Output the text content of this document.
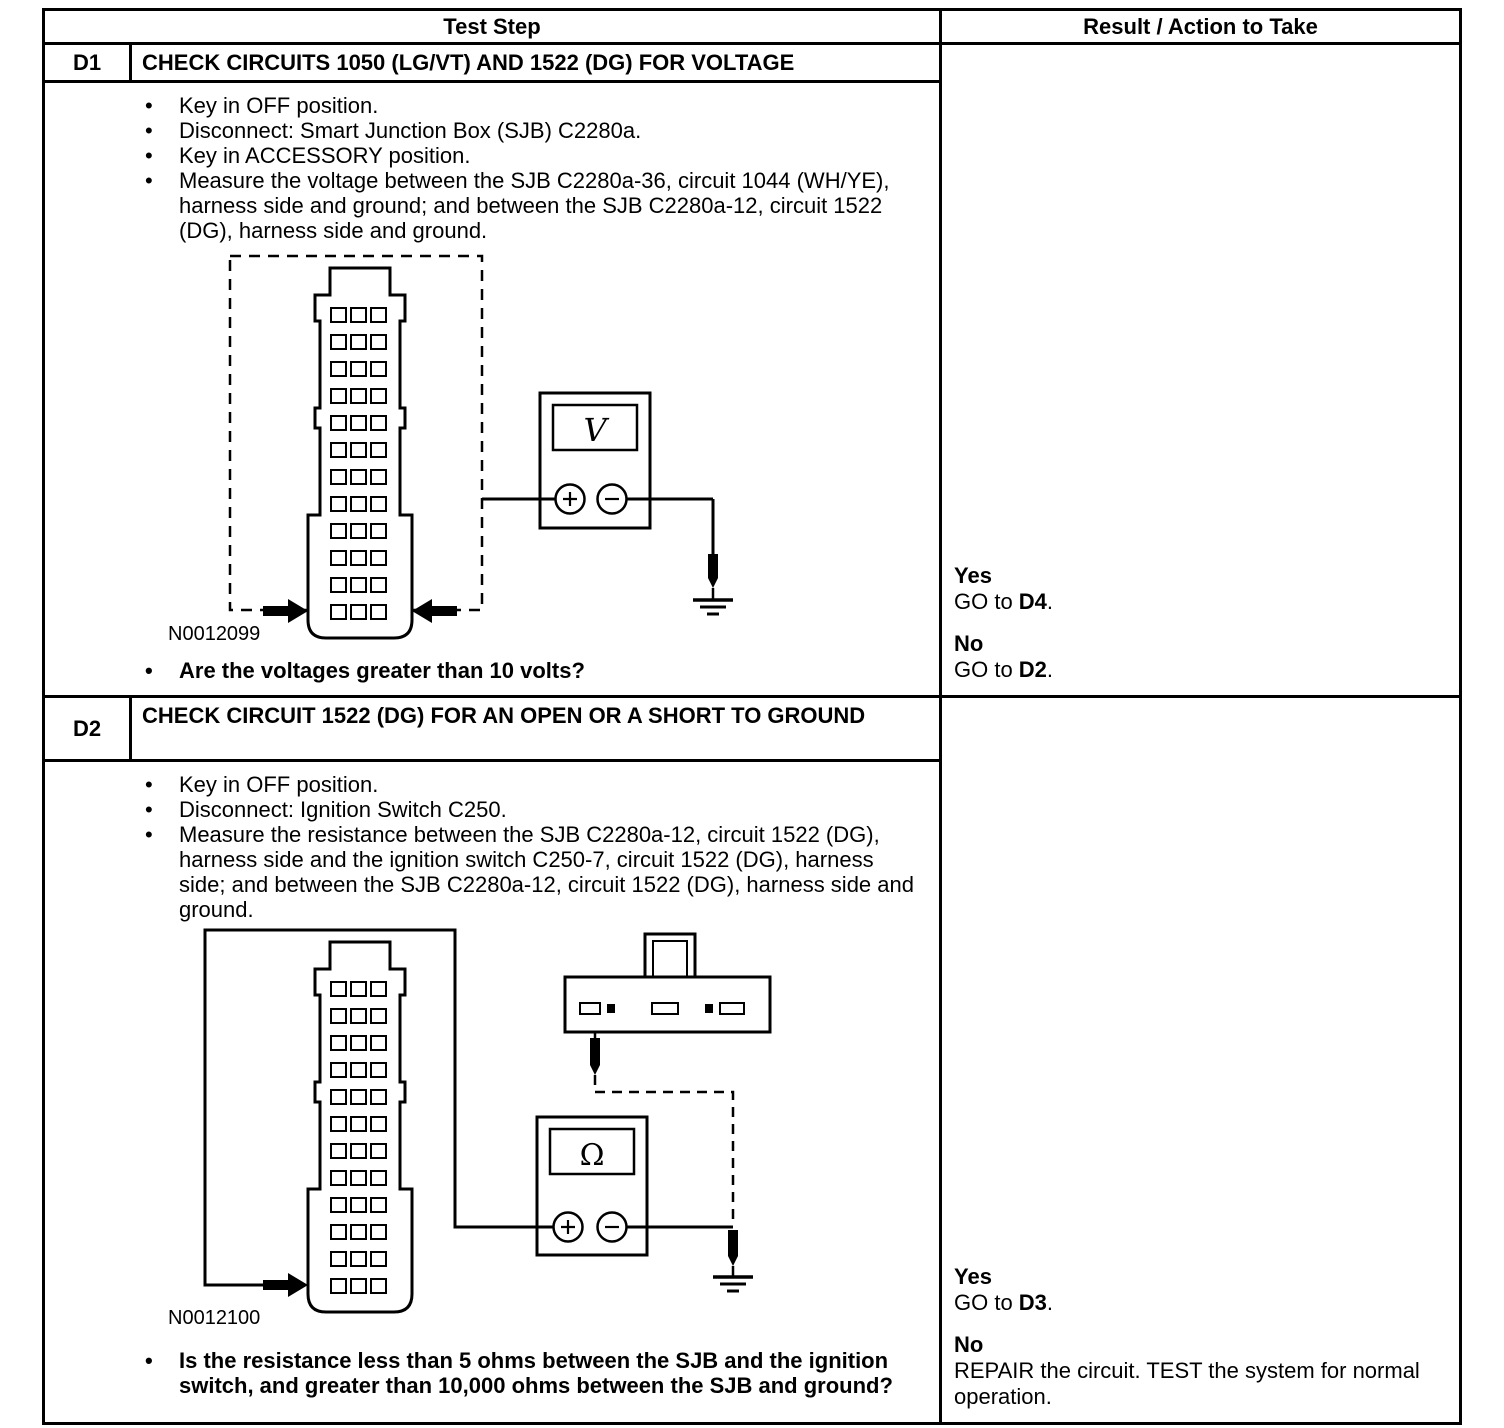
Test Step	Result / Action to Take
D1	CHECK CIRCUITS 1050 (LG/VT) AND 1522 (DG) FOR VOLTAGE
•
Key in OFF position.
•
Disconnect: Smart Junction Box (SJB) C2280a.
•
Key in ACCESSORY position.
•
Measure the voltage between the SJB C2280a-36, circuit 1044 (WH/YE), harness side and ground; and between the SJB C2280a-12, circuit 1522 (DG), harness side and ground.
V
N0012099
•
Are the voltages greater than 10 volts?
Yes
GO to D4.
No
GO to D2.
D2	CHECK CIRCUIT 1522 (DG) FOR AN OPEN OR A SHORT TO GROUND
•
Key in OFF position.
•
Disconnect: Ignition Switch C250.
•
Measure the resistance between the SJB C2280a-12, circuit 1522 (DG), harness side and the ignition switch C250-7, circuit 1522 (DG), harness side; and between the SJB C2280a-12, circuit 1522 (DG), harness side and ground.
Ω
N0012100
•
Is the resistance less than 5 ohms between the SJB and the ignition switch, and greater than 10,000 ohms between the SJB and ground?
Yes
GO to D3.
No
REPAIR the circuit. TEST the system for normal operation.
